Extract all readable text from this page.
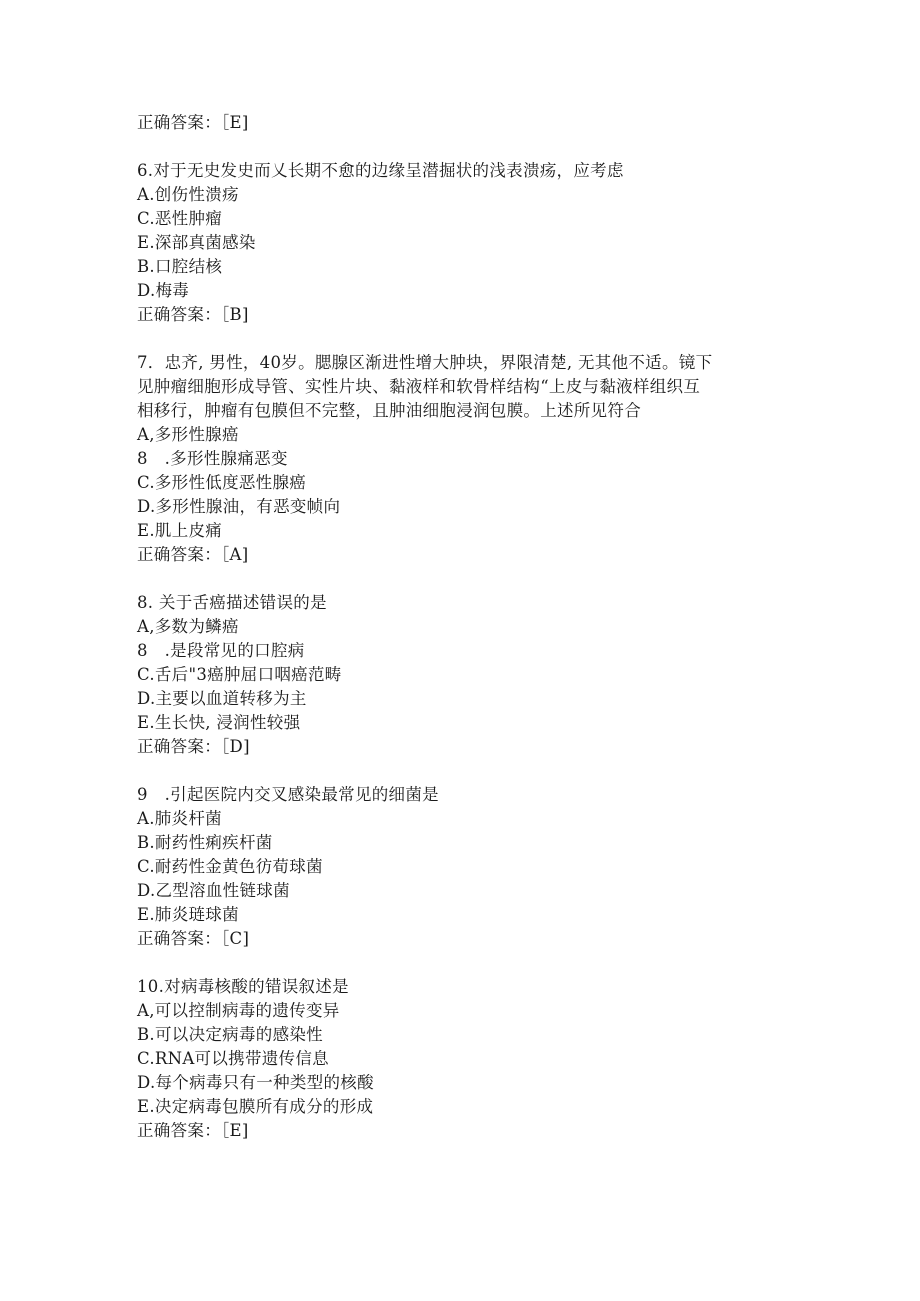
正确答案：［E]
6.对于无史发史而乂长期不愈的边缘呈潜掘状的浅表溃疡，应考虑
A.创伤性溃疡
C.恶性肿瘤
E.深部真菌感染
B.口腔结核
D.梅毒
正确答案：［B]
7．忠齐, 男性，40岁。腮腺区渐进性增大肿块，界限清楚, 无其他不适。镜下
见肿瘤细胞形成导管、实性片块、黏液样和软骨样结构“上皮与黏液样组织互
相移行，肿瘤有包膜但不完整，且肿油细胞浸润包膜。上述所见符合
A,多形性腺癌
8　.多形性腺痛恶变
C.多形性低度恶性腺癌
D.多形性腺油，有恶变帧向
E.肌上皮痛
正确答案：［A]
8. 关于舌癌描述错误的是
A,多数为鳞癌
8　.是段常见的口腔病
C.舌后"3癌肿屈口咽癌范畴
D.主要以血道转移为主
E.生长快, 浸润性较强
正确答案：［D]
9　.引起医院内交叉感染最常见的细菌是
A.肺炎杆菌
B.耐药性痢疾杆菌
C.耐药性金黄色彷荀球菌
D.乙型溶血性链球菌
E.肺炎琏球菌
正确答案：［C]
10.对病毒核酸的错误叙述是
A,可以控制病毒的遗传变异
B.可以决定病毒的感染性
C.RNA可以携带遗传信息
D.每个病毒只有一种类型的核酸
E.决定病毒包膜所有成分的形成
正确答案：［E]
